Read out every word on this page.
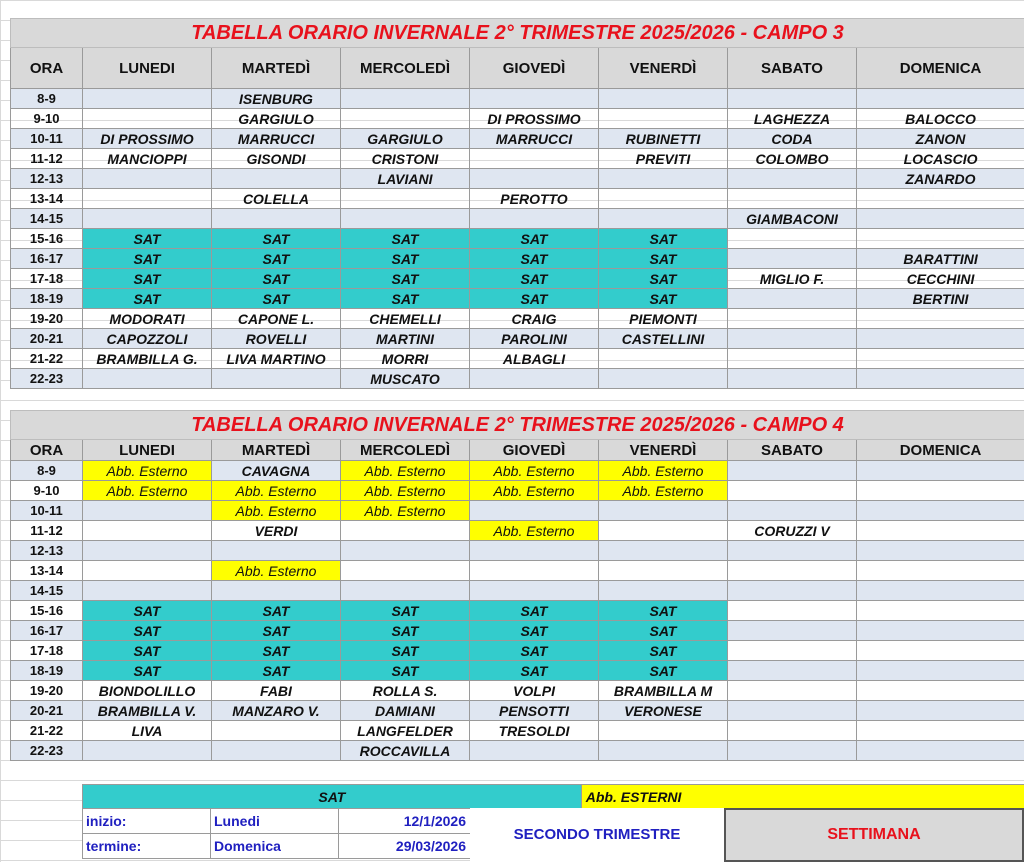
TABELLA ORARIO INVERNALE 2° TRIMESTRE 2025/2026 - CAMPO 3							
ORA	LUNEDI	MARTEDÌ	MERCOLEDÌ	GIOVEDÌ	VENERDÌ	SABATO	DOMENICA
8-9		ISENBURG					
9-10		GARGIULO		DI PROSSIMO		LAGHEZZA	BALOCCO
10-11	DI PROSSIMO	MARRUCCI	GARGIULO	MARRUCCI	RUBINETTI	CODA	ZANON
11-12	MANCIOPPI	GISONDI	CRISTONI		PREVITI	COLOMBO	LOCASCIO
12-13			LAVIANI				ZANARDO
13-14		COLELLA		PEROTTO			
14-15						GIAMBACONI	
15-16	SAT	SAT	SAT	SAT	SAT		
16-17	SAT	SAT	SAT	SAT	SAT		BARATTINI
17-18	SAT	SAT	SAT	SAT	SAT	MIGLIO F.	CECCHINI
18-19	SAT	SAT	SAT	SAT	SAT		BERTINI
19-20	MODORATI	CAPONE L.	CHEMELLI	CRAIG	PIEMONTI		
20-21	CAPOZZOLI	ROVELLI	MARTINI	PAROLINI	CASTELLINI		
21-22	BRAMBILLA G.	LIVA MARTINO	MORRI	ALBAGLI			
22-23			MUSCATO				
TABELLA ORARIO INVERNALE 2° TRIMESTRE 2025/2026 - CAMPO 4							
ORA	LUNEDI	MARTEDÌ	MERCOLEDÌ	GIOVEDÌ	VENERDÌ	SABATO	DOMENICA
8-9	Abb. Esterno	CAVAGNA	Abb. Esterno	Abb. Esterno	Abb. Esterno		
9-10	Abb. Esterno	Abb. Esterno	Abb. Esterno	Abb. Esterno	Abb. Esterno		
10-11		Abb. Esterno	Abb. Esterno				
11-12		VERDI		Abb. Esterno		CORUZZI V	
12-13							
13-14		Abb. Esterno					
14-15							
15-16	SAT	SAT	SAT	SAT	SAT		
16-17	SAT	SAT	SAT	SAT	SAT		
17-18	SAT	SAT	SAT	SAT	SAT		
18-19	SAT	SAT	SAT	SAT	SAT		
19-20	BIONDOLILLO	FABI	ROLLA S.	VOLPI	BRAMBILLA M		
20-21	BRAMBILLA V.	MANZARO V.	DAMIANI	PENSOTTI	VERONESE		
21-22	LIVA		LANGFELDER	TRESOLDI			
22-23			ROCCAVILLA				
SAT	Abb. ESTERNI
inizio:	Lunedi	12/1/2026
termine:	Domenica	29/03/2026
SECONDO TRIMESTRE	SETTIMANA
